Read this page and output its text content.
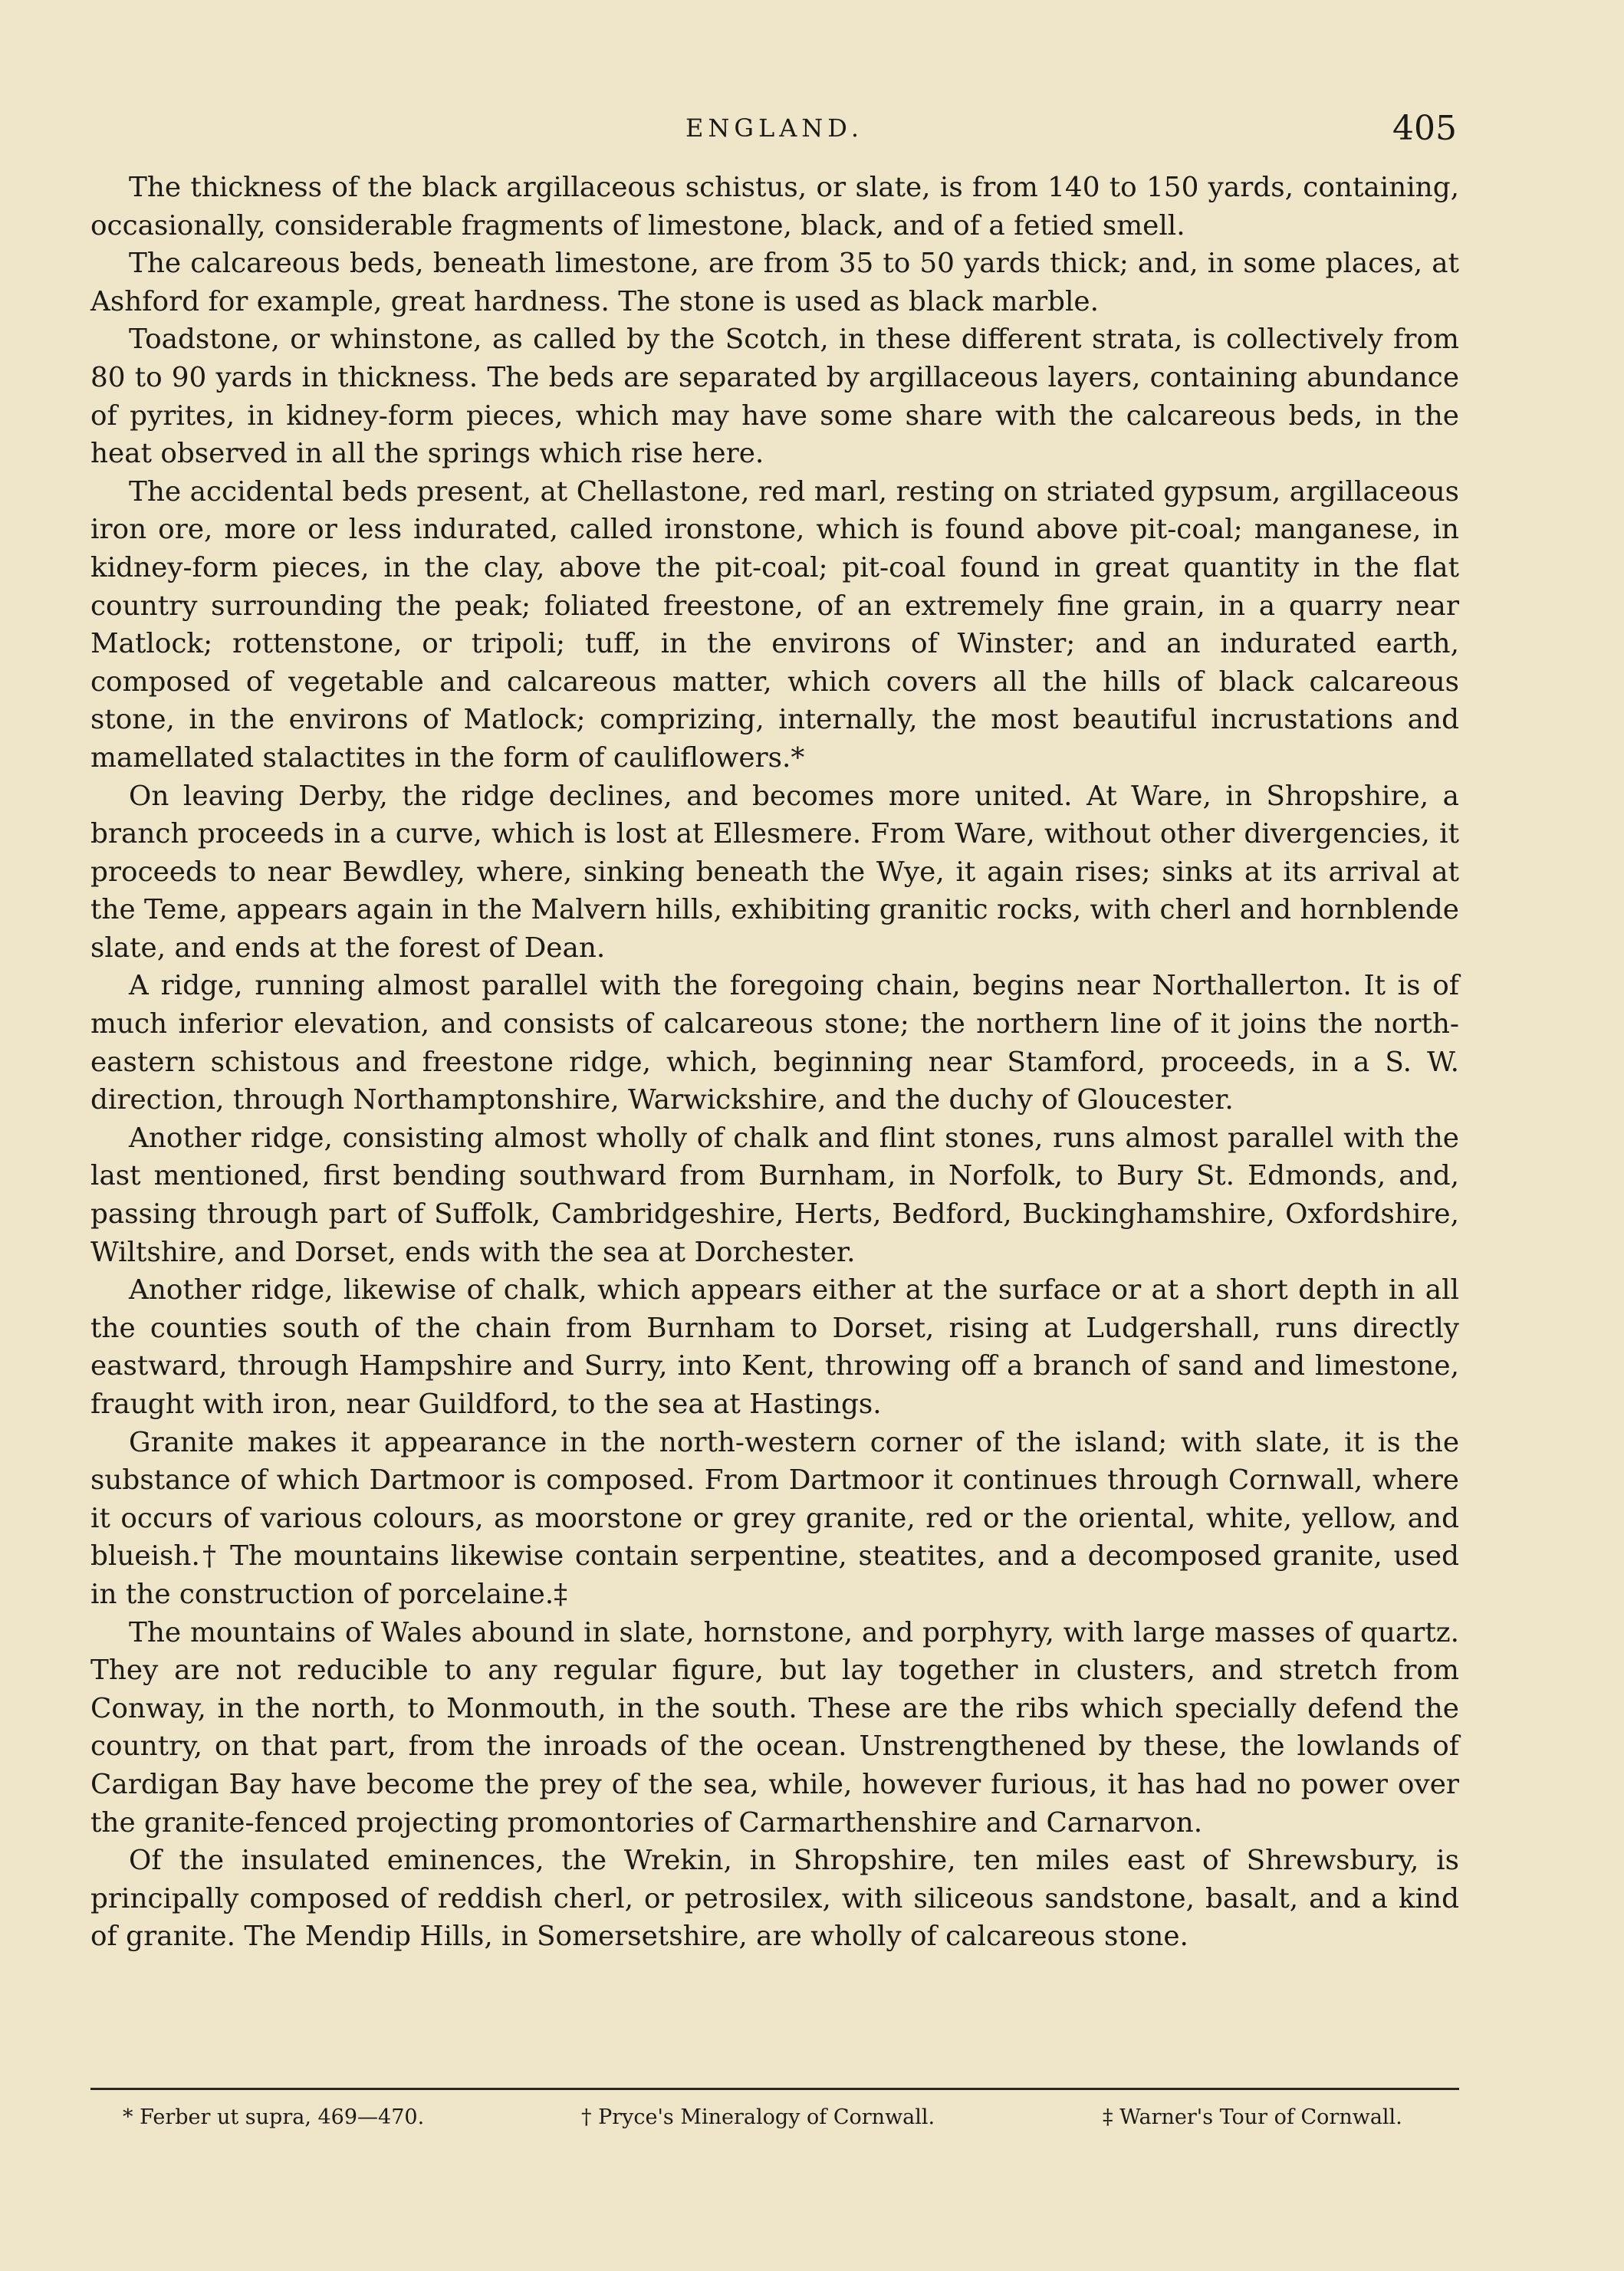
ENGLAND.	405

The thickness of the black argillaceous schistus, or slate, is from 140 to 150 yards, containing, occasionally, considerable fragments of limestone, black, and of a fetied smell.

The calcareous beds, beneath limestone, are from 35 to 50 yards thick; and, in some places, at Ashford for example, great hardness. The stone is used as black marble.

Toadstone, or whinstone, as called by the Scotch, in these different strata, is collectively from 80 to 90 yards in thickness. The beds are separated by argillaceous layers, containing abundance of pyrites, in kidney-form pieces, which may have some share with the calcareous beds, in the heat observed in all the springs which rise here.

The accidental beds present, at Chellastone, red marl, resting on striated gypsum, argillaceous iron ore, more or less indurated, called ironstone, which is found above pit-coal; manganese, in kidney-form pieces, in the clay, above the pit-coal; pit-coal found in great quantity in the flat country surrounding the peak; foliated freestone, of an extremely fine grain, in a quarry near Matlock; rottenstone, or tripoli; tuff, in the environs of Winster; and an indurated earth, composed of vegetable and calcareous matter, which covers all the hills of black calcareous stone, in the environs of Matlock; comprizing, internally, the most beautiful incrustations and mamellated stalactites in the form of cauliflowers.*

On leaving Derby, the ridge declines, and becomes more united. At Ware, in Shropshire, a branch proceeds in a curve, which is lost at Ellesmere. From Ware, without other divergencies, it proceeds to near Bewdley, where, sinking beneath the Wye, it again rises; sinks at its arrival at the Teme, appears again in the Malvern hills, exhibiting granitic rocks, with cherl and hornblende slate, and ends at the forest of Dean.

A ridge, running almost parallel with the foregoing chain, begins near Northallerton. It is of much inferior elevation, and consists of calcareous stone; the northern line of it joins the north-eastern schistous and freestone ridge, which, beginning near Stamford, proceeds, in a S. W. direction, through Northamptonshire, Warwickshire, and the duchy of Gloucester.

Another ridge, consisting almost wholly of chalk and flint stones, runs almost parallel with the last mentioned, first bending southward from Burnham, in Norfolk, to Bury St. Edmonds, and, passing through part of Suffolk, Cambridgeshire, Herts, Bedford, Buckinghamshire, Oxfordshire, Wiltshire, and Dorset, ends with the sea at Dorchester.

Another ridge, likewise of chalk, which appears either at the surface or at a short depth in all the counties south of the chain from Burnham to Dorset, rising at Ludgershall, runs directly eastward, through Hampshire and Surry, into Kent, throwing off a branch of sand and limestone, fraught with iron, near Guildford, to the sea at Hastings.

Granite makes it appearance in the north-western corner of the island; with slate, it is the substance of which Dartmoor is composed. From Dartmoor it continues through Cornwall, where it occurs of various colours, as moorstone or grey granite, red or the oriental, white, yellow, and blueish.† The mountains likewise contain serpentine, steatites, and a decomposed granite, used in the construction of porcelaine.‡

The mountains of Wales abound in slate, hornstone, and porphyry, with large masses of quartz. They are not reducible to any regular figure, but lay together in clusters, and stretch from Conway, in the north, to Monmouth, in the south. These are the ribs which specially defend the country, on that part, from the inroads of the ocean. Unstrengthened by these, the lowlands of Cardigan Bay have become the prey of the sea, while, however furious, it has had no power over the granite-fenced projecting promontories of Carmarthenshire and Carnarvon.

Of the insulated eminences, the Wrekin, in Shropshire, ten miles east of Shrewsbury, is principally composed of reddish cherl, or petrosilex, with siliceous sandstone, basalt, and a kind of granite. The Mendip Hills, in Somersetshire, are wholly of calcareous stone.

* Ferber ut supra, 469—470.	† Pryce's Mineralogy of Cornwall.	‡ Warner's Tour of Cornwall.
